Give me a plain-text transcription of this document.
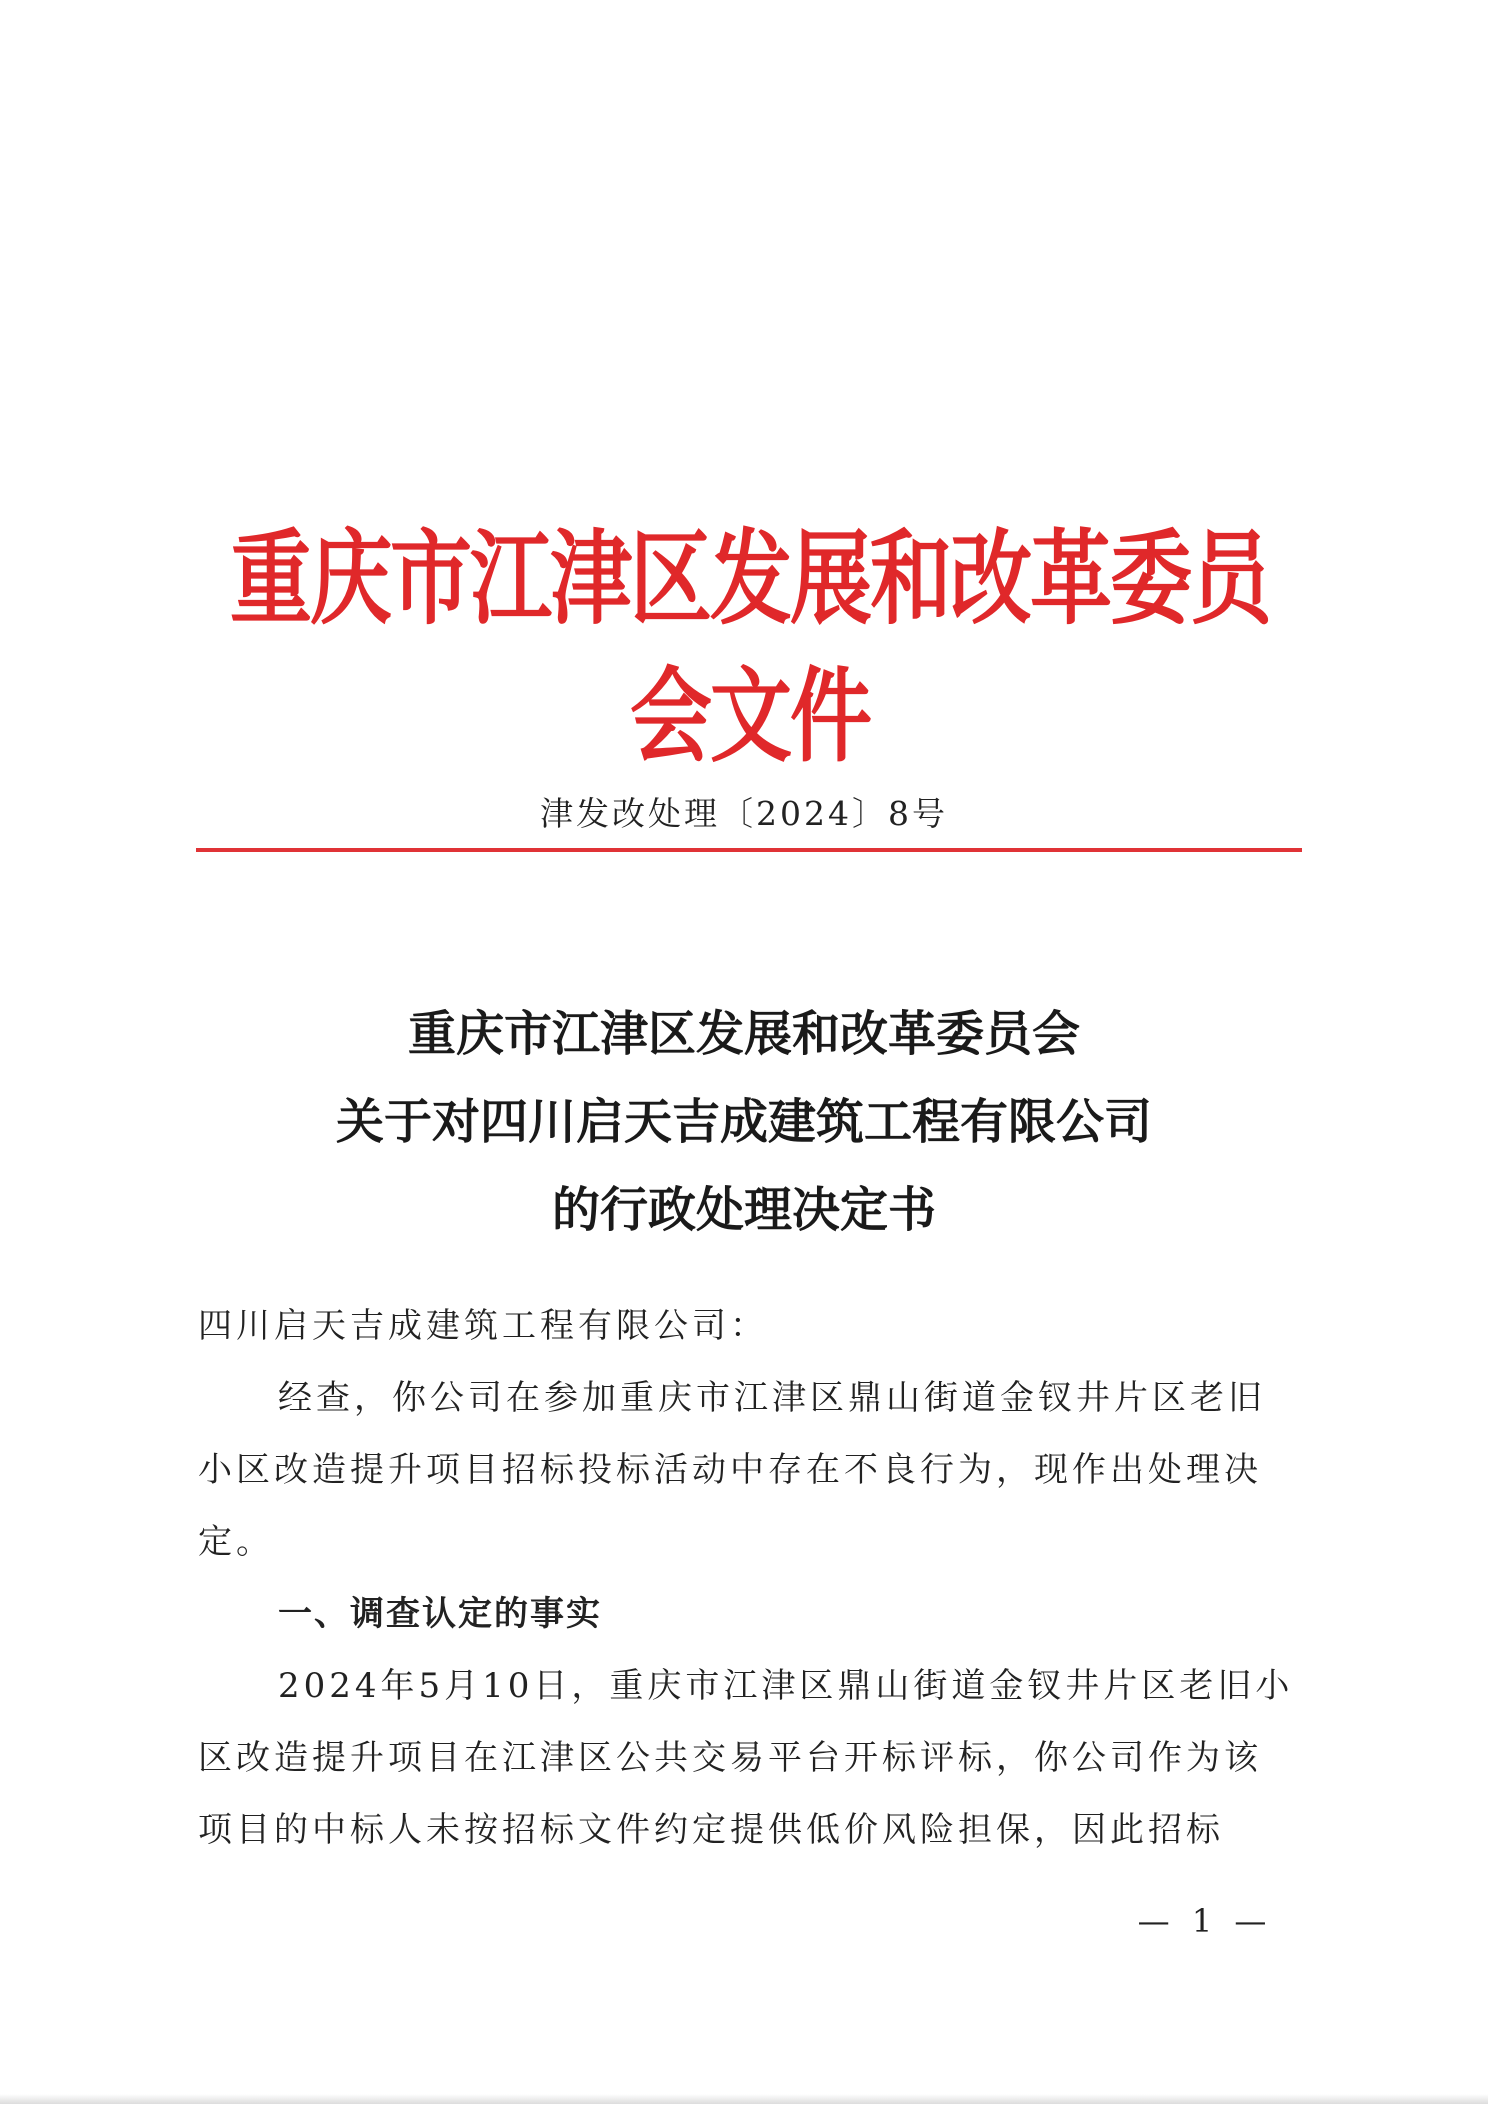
重庆市江津区发展和改革委员会文件
津发改处理〔2024〕8号
重庆市江津区发展和改革委员会
关于对四川启天吉成建筑工程有限公司
的行政处理决定书

四川启天吉成建筑工程有限公司：

经查，你公司在参加重庆市江津区鼎山街道金钗井片区老旧小区改造提升项目招标投标活动中存在不良行为，现作出处理决定。

一、调查认定的事实

2024年5月10日，重庆市江津区鼎山街道金钗井片区老旧小区改造提升项目在江津区公共交易平台开标评标，你公司作为该项目的中标人未按招标文件约定提供低价风险担保，因此招标

— 1 —
